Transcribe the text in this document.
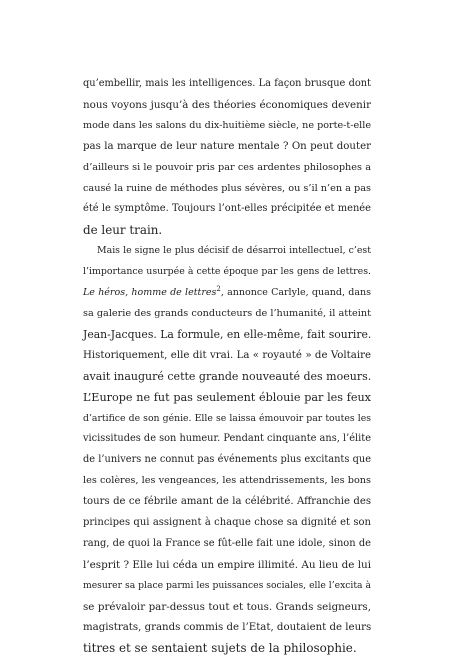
qu’embellir, mais les intelligences. La façon brusque dont
nous voyons jusqu’à des théories économiques devenir
mode dans les salons du dix-huitième siècle, ne porte-t-elle
pas la marque de leur nature mentale ? On peut douter
d’ailleurs si le pouvoir pris par ces ardentes philosophes a
causé la ruine de méthodes plus sévères, ou s’il n’en a pas
été le symptôme. Toujours l’ont-elles précipitée et menée
de leur train.

Mais le signe le plus décisif de désarroi intellectuel, c’est
l’importance usurpée à cette époque par les gens de lettres.
Le héros, homme de lettres$^2$, annonce Carlyle, quand, dans
sa galerie des grands conducteurs de l’humanité, il atteint
Jean-Jacques. La formule, en elle-même, fait sourire.
Historiquement, elle dit vrai. La « royauté » de Voltaire
avait inauguré cette grande nouveauté des moeurs.
L’Europe ne fut pas seulement éblouie par les feux
d’artifice de son génie. Elle se laissa émouvoir par toutes les
vicissitudes de son humeur. Pendant cinquante ans, l’élite
de l’univers ne connut pas événements plus excitants que
les colères, les vengeances, les attendrissements, les bons
tours de ce fébrile amant de la célébrité. Affranchie des
principes qui assignent à chaque chose sa dignité et son
rang, de quoi la France se fût-elle fait une idole, sinon de
l’esprit ? Elle lui céda un empire illimité. Au lieu de lui
mesurer sa place parmi les puissances sociales, elle l’excita à
se prévaloir par-dessus tout et tous. Grands seigneurs,
magistrats, grands commis de l’Etat, doutaient de leurs
titres et se sentaient sujets de la philosophie.
